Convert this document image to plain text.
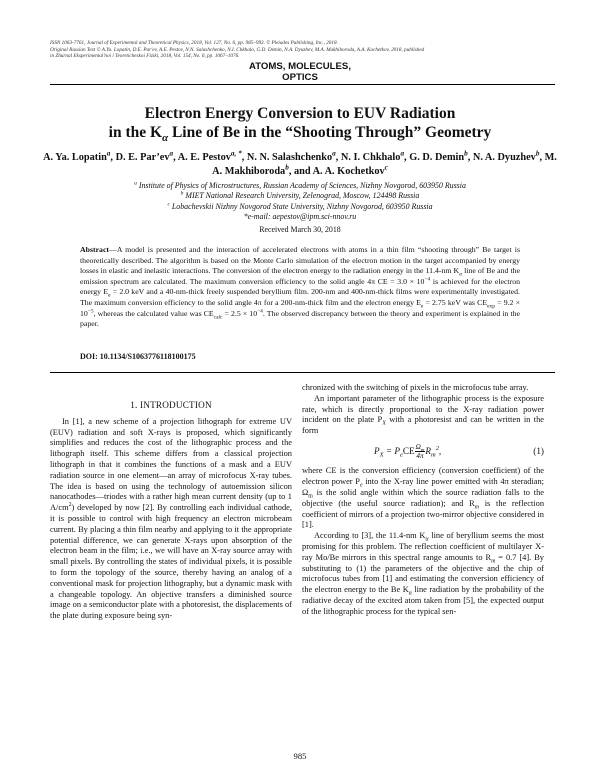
ISSN 1063-7761, Journal of Experimental and Theoretical Physics, 2018, Vol. 127, No. 6, pp. 985–993. © Pleiades Publishing, Inc., 2018.
Original Russian Text © A.Ya. Lopatin, D.E. Par'ev, A.E. Pestov, N.N. Salashchenko, N.I. Chkhalo, G.D. Demin, N.A. Dyuzhev, M.A. Makhiboroda, A.A. Kochetkov, 2018, published
in Zhurnal Eksperimental'noi i Teoreticheskoi Fiziki, 2018, Vol. 154, No. 6, pp. 1067–1076.
ATOMS, MOLECULES,
OPTICS
Electron Energy Conversion to EUV Radiation
in the $K_\alpha$ Line of Be in the “Shooting Through” Geometry
A. Ya. Lopatin$^a$, D. E. $Par’ev^a$, A. E. Pestov$^{a, *}$, N. N. Salashchenko$^a$, N. I. Chkhalo$^a$, G. D. Demin$^b$, N. A. Dyuzhev$^b$, M. A. Makhiboroda$^b$, and A. A. Kochetkov$^c$
$^a$ Institute of Physics of Microstructures, Russian Academy of Sciences, Nizhny Novgorod, 603950 Russia
$^b$ MIET National Research University, Zelenograd, Moscow, 124498 Russia
$^c$ Lobachevskii Nizhny Novgorod State University, Nizhny Novgorod, 603950 Russia
*e-mail: aepestov@ipm.sci-nnov.ru
Received March 30, 2018
Abstract—A model is presented and the interaction of accelerated electrons with atoms in a thin film “shooting through” Be target is theoretically described. The algorithm is based on the Monte Carlo simulation of the electron motion in the target accompanied by energy losses in elastic and inelastic interactions. The conversion of the electron energy to the radiation energy in the 11.4-nm $K_\alpha$ line of Be and the emission spectrum are calculated. The maximum conversion efficiency to the solid angle 4π CE = $3.0 \times 10^{-4}$ is achieved for the electron energy $E_e = 2.0$ keV and a 40-nm-thick freely suspended beryllium film. 200-nm and 400-nm-thick films were experimentally investigated. The maximum conversion efficiency to the solid angle 4π for a 200-nm-thick film and the electron energy $E_e = 2.75$ keV was $CE_{exp} = 9.2 \times 10^{-5}$, whereas the calculated value was $CE_{calc} = 2.5 \times 10^{-4}$. The observed discrepancy between the theory and experiment is explained in the paper.
DOI: 10.1134/S1063776118100175
1. INTRODUCTION

In [1], a new scheme of a projection lithograph for extreme UV (EUV) radiation and soft X-rays is proposed, which significantly simplifies and reduces the cost of the lithographic process and the lithograph itself. This scheme differs from a classical projection lithograph in that it combines the functions of a mask and a EUV radiation source in one element—an array of microfocus X-ray tubes. The idea is based on using the technology of autoemission silicon nanocathodes—triodes with a rather high mean current density (up to 1 $A/cm^2$) developed by now [2]. By controlling each individual cathode, it is possible to control with high frequency an electron microbeam current. By placing a thin film nearby and applying to it the appropriate potential difference, we can generate X-rays upon absorption of the electron beam in the film; i.e., we will have an X-ray source array with small pixels. By controlling the states of individual pixels, it is possible to form the topology of the source, thereby having an analog of a conventional mask for projection lithography, but a dynamic mask with a changeable topology. An objective transfers a diminished source image on a semiconductor plate with a photoresist, the displacements of the plate during exposure being syn-

chronized with the switching of pixels in the microfocus tube array.

An important parameter of the lithographic process is the exposure rate, which is directly proportional to the X-ray radiation power incident on the plate $P_X$ with a photoresist and can be written in the form

$P_X = P_eCE \frac{\Omega_m}{4\pi}R_m^2$,	(1)

where CE is the conversion efficiency (conversion coefficient) of the electron power $P_e$ into the X-ray line power emitted with 4π steradian; $\Omega_m$ is the solid angle within which the source radiation falls to the objective (the useful source radiation); and $R_m$ is the reflection coefficient of mirrors of a projection two-mirror objective considered in [1].

According to [3], the 11.4-nm $K_\alpha$ line of beryllium seems the most promising for this problem. The reflection coefficient of multilayer X-ray Mo/Be mirrors in this spectral range amounts to $R_m = 0.7$ [4]. By substituting to (1) the parameters of the objective and the chip of microfocus tubes from [1] and estimating the conversion efficiency of the electron energy to the Be $K_\alpha$ line radiation by the probability of the radiative decay of the excited atom taken from [5], the expected output of the lithographic process for the typical sen-

985
